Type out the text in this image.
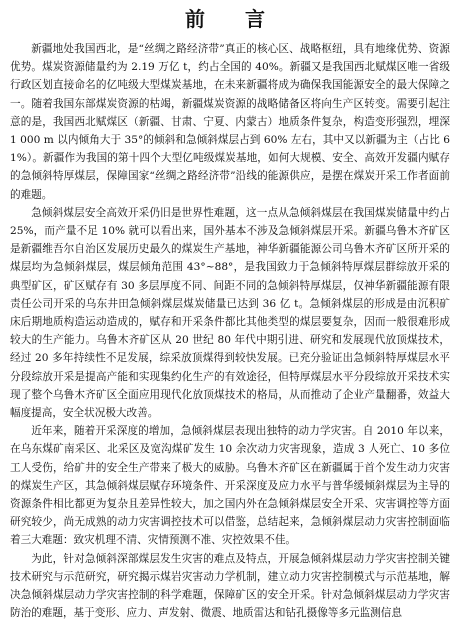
前　言

新疆地处我国西北，是“丝绸之路经济带”真正的核心区、战略枢纽，具有地缘优势、资源优势。煤炭资源储量约为 2.19 万亿 t，约占全国的 40%。新疆又是我国西北赋煤区唯一省级行政区划直接命名的亿吨级大型煤炭基地，在未来新疆将成为确保我国能源安全的最大保障之一。随着我国东部煤炭资源的枯竭，新疆煤炭资源的战略储备区将向生产区转变。需要引起注意的是，我国西北赋煤区（新疆、甘肃、宁夏、内蒙古）地质条件复杂，构造变形强烈，埋深 1 000 m 以内倾角大于 35°的倾斜和急倾斜煤层占到 60% 左右，其中又以新疆为主（占比 61%）。新疆作为我国的第十四个大型亿吨级煤炭基地，如何大规模、安全、高效开发疆内赋存的急倾斜特厚煤层，保障国家“丝绸之路经济带”沿线的能源供应，是摆在煤炭开采工作者面前的难题。

急倾斜煤层安全高效开采仍旧是世界性难题，这一点从急倾斜煤层在我国煤炭储量中约占 25%，而产量不足 10% 就可以看出来，国外基本不涉及急倾斜煤层开采。新疆乌鲁木齐矿区是新疆维吾尔自治区发展历史最久的煤炭生产基地，神华新疆能源公司乌鲁木齐矿区所开采的煤层均为急倾斜煤层，煤层倾角范围 43°~88°，是我国致力于急倾斜特厚煤层群综放开采的典型矿区，矿区赋存有 30 多层厚度不同、间距不同的急倾斜特厚煤层，仅神华新疆能源有限责任公司开采的乌东井田急倾斜煤层煤炭储量已达到 36 亿 t。急倾斜煤层的形成是由沉积矿床后期地质构造运动造成的，赋存和开采条件都比其他类型的煤层要复杂，因而一般很难形成较大的生产能力。乌鲁木齐矿区从 20 世纪 80 年代中期引进、研究和发展现代放顶煤技术，经过 20 多年持续性不足发展，综采放顶煤得到较快发展。已充分验证出急倾斜特厚煤层水平分段综放开采是提高产能和实现集约化生产的有效途径，但特厚煤层水平分段综放开采技术实现了整个乌鲁木齐矿区全面应用现代化放顶煤技术的格局，从而推动了企业产量翻番，效益大幅度提高，安全状况极大改善。

近年来，随着开采深度的增加，急倾斜煤层表现出独特的动力学灾害。自 2010 年以来，在乌东煤矿南采区、北采区及宽沟煤矿发生 10 余次动力灾害现象，造成 3 人死亡、10 多位工人受伤，给矿井的安全生产带来了极大的威胁。乌鲁木齐矿区在新疆属于首个发生动力灾害的煤炭生产区，其急倾斜煤层赋存环境条件、开采深度及应力水平与普华缓倾斜煤层为主导的资源条件相比都更为复杂且差异性较大，加之国内外在急倾斜煤层安全开采、灾害调控等方面研究较少，尚无成熟的动力灾害调控技术可以借鉴，总结起来，急倾斜煤层动力灾害控制面临着三大难题：致灾机理不清、灾情预测不准、灾控效果不佳。

为此，针对急倾斜深部煤层发生灾害的难点及特点，开展急倾斜煤层动力学灾害控制关键技术研究与示范研究，研究揭示煤岩灾害动力学机制，建立动力灾害控制模式与示范基地，解决急倾斜煤层动力学灾害控制的科学难题，保障矿区的安全开采。针对急倾斜煤层动力学灾害防治的难题，基于变形、应力、声发射、微震、地质雷达和钻孔摄像等多元监测信息
